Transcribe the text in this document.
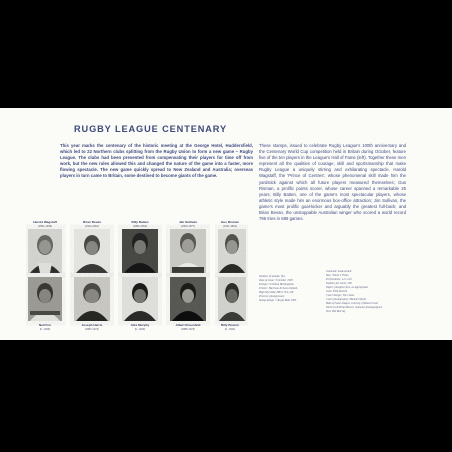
RUGBY LEAGUE CENTENARY
This year marks the centenary of the historic meeting at the George Hotel, Huddersfield, which led to 22 Northern clubs splitting from the Rugby Union to form a new game – Rugby League. The clubs had been prevented from compensating their players for time off from work, but the new rules allowed this and changed the nature of the game into a faster, more flowing spectacle. The new game quickly spread to New Zealand and Australia; overseas players in turn came to Britain, some destined to become giants of the game.
These stamps, issued to celebrate Rugby League's 100th anniversary and the Centenary World Cup competition held in Britain during October, feature five of the ten players in the League's Hall of Fame (left). Together these men represent all the qualities of courage, skill and sportsmanship that make Rugby League a uniquely stirring and exhilarating spectacle. Harold Wagstaff, the 'Prince of Centres', whose phenomenal skill made him the yardstick against which all future players measured themselves; Gus Risman, a prolific points scorer, whose career spanned a remarkable 25 years; Billy Batten, one of the game's most spectacular players, whose athletic style made him an enormous box-office attraction; Jim Sullivan, the game's most prolific goal-kicker and arguably the greatest full-back; and Brian Bevan, the unstoppable Australian winger who scored a world record 796 tries in 688 games.
Harold Wagstaff
(1891-1939)
Brian Bevan
(1924-1991)
Billy Batten
(1889-1959)
Jim Sullivan
(1903-1977)
Gus Risman
(1911-1994)
Neil Fox
(b. 1939)
Joseph Harris
(1883-1974)
Alex Murphy
(b. 1939)
Albert Rosenfeld
(1885-1970)
Billy Boston
(b. 1934)
Number of stamps: five
Date of issue: 3 October 1995
Design: Christian Birmingham
Printer: Harrison & Sons Limited,
High Wycombe HP11 7LZ, UK
Process: photogravure
Stamp design © Royal Mail 1995
Gummed: head-sealed
Size: 35mm x 35mm
Perforations: 14 x 14½
Number per sheet: 100
Paper: phosphor-free, as appropriate
Gum: PVA Dextrin
Cover design: The Chase
Cover photography: Michael Steele
Hall of Fame images: courtesy of Robert Gate
Neil Fox & Brian Bevan: unknown photographers
Text: Bill Murray
